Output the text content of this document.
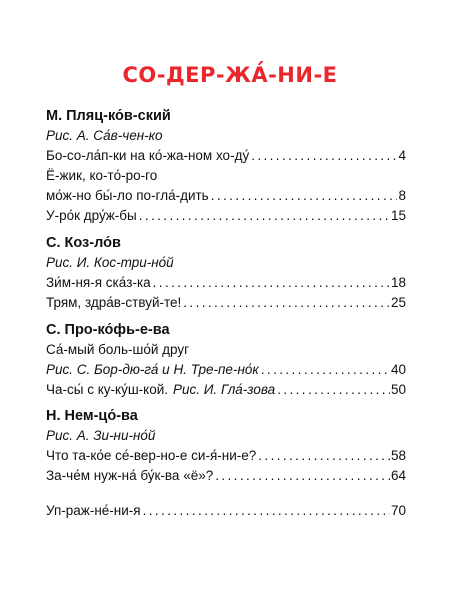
СО-ДЕР-ЖА́-НИ-Е
М. Пляц-ко́в-ский
Рис. А. Са́в-чен-ко
Бо-со-ла́п-ки на ко́-жа-ном хо-ду́ .....	4
Ё-жик, ко-то́-ро-го
мо́ж-но бы́-ло по-гла́-дить .....	8
У-ро́к дру́ж-бы .....	15
С. Коз-ло́в
Рис. И. Кос-три-но́й
Зи́м-ня-я ска́з-ка .....	18
Трям, здра́в-ствуй-те! .....	25
С. Про-ко́фь-е-ва
Са́-мый боль-шо́й друг
Рис. С. Бор-дю-га́ и Н. Тре-пе-но́к .....	40
Ча-сы́ с ку-ку́ш-кой. Рис. И. Гла́-зова .....	50
Н. Нем-цо́-ва
Рис. А. Зи-ни-но́й
Что та-ко́е се́-вер-но-е си-я́-ни-е? .....	58
За-че́м нуж-на́ бу́к-ва «ё»? .....	64
Уп-раж-не́-ни-я .....	70
